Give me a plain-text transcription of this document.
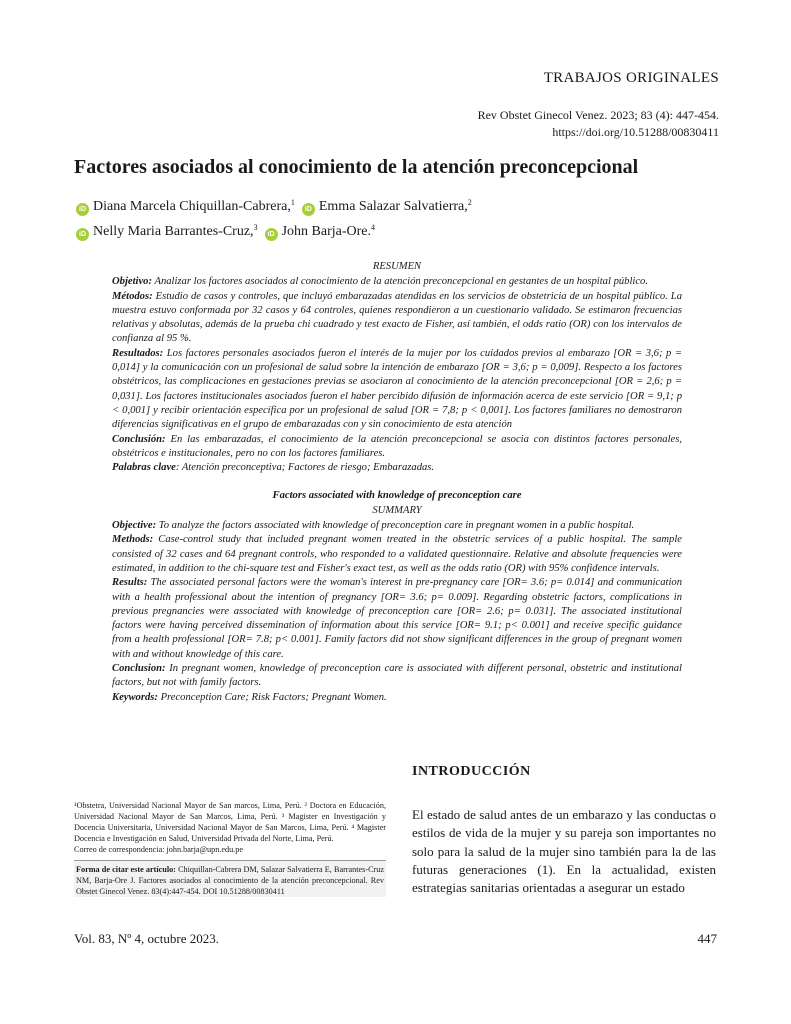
TRABAJOS ORIGINALES
Rev Obstet Ginecol Venez. 2023; 83 (4): 447-454.
https://doi.org/10.51288/00830411
Factores asociados al conocimiento de la atención preconcepcional
iD Diana Marcela Chiquillan-Cabrera,$^1$  iD Emma Salazar Salvatierra,$^2$
iD Nelly Maria Barrantes-Cruz,$^3$  iD John Barja-Ore.$^4$

RESUMEN

Objetivo: Analizar los factores asociados al conocimiento de la atención preconcepcional en gestantes de un hospital público.

Métodos: Estudio de casos y controles, que incluyó embarazadas atendidas en los servicios de obstetricia de un hospital público. La muestra estuvo conformada por 32 casos y 64 controles, quienes respondieron a un cuestionario validado. Se estimaron frecuencias relativas y absolutas, además de la prueba chi cuadrado y test exacto de Fisher, así también, el odds ratio (OR) con los intervalos de confianza al 95 %.

Resultados: Los factores personales asociados fueron el interés de la mujer por los cuidados previos al embarazo [OR = 3,6; p = 0,014] y la comunicación con un profesional de salud sobre la intención de embarazo [OR = 3,6; p = 0,009]. Respecto a los factores obstétricos, las complicaciones en gestaciones previas se asociaron al conocimiento de la atención preconcepcional [OR = 2,6; p = 0,031]. Los factores institucionales asociados fueron el haber percibido difusión de información acerca de este servicio [OR = 9,1; p < 0,001] y recibir orientación específica por un profesional de salud [OR = 7,8; p < 0,001]. Los factores familiares no demostraron diferencias significativas en el grupo de embarazadas con y sin conocimiento de esta atención

Conclusión: En las embarazadas, el conocimiento de la atención preconcepcional se asocia con distintos factores personales, obstétricos e institucionales, pero no con los factores familiares.

Palabras clave: Atención preconceptiva; Factores de riesgo; Embarazadas.

Factors associated with knowledge of preconception care

SUMMARY

Objective: To analyze the factors associated with knowledge of preconception care in pregnant women in a public hospital.

Methods: Case-control study that included pregnant women treated in the obstetric services of a public hospital. The sample consisted of 32 cases and 64 pregnant controls, who responded to a validated questionnaire. Relative and absolute frequencies were estimated, in addition to the chi-square test and Fisher's exact test, as well as the odds ratio (OR) with 95% confidence intervals.

Results: The associated personal factors were the woman's interest in pre-pregnancy care [OR= 3.6; p= 0.014] and communication with a health professional about the intention of pregnancy [OR= 3.6; p= 0.009]. Regarding obstetric factors, complications in previous pregnancies were associated with knowledge of preconception care [OR= 2.6; p= 0.031]. The associated institutional factors were having perceived dissemination of information about this service [OR= 9.1; p< 0.001] and receive specific guidance from a health professional [OR= 7.8; p< 0.001]. Family factors did not show significant differences in the group of pregnant women with and without knowledge of this care.

Conclusion: In pregnant women, knowledge of preconception care is associated with different personal, obstetric and institutional factors, but not with family factors.

Keywords: Preconception Care; Risk Factors; Pregnant Women.

INTRODUCCIÓN

El estado de salud antes de un embarazo y las conductas o estilos de vida de la mujer y su pareja son importantes no solo para la salud de la mujer sino también para la de las futuras generaciones (1). En la actualidad, existen estrategias sanitarias orientadas a asegurar un estado

¹Obstetra, Universidad Nacional Mayor de San marcos, Lima, Perú. ² Doctora en Educación, Universidad Nacional Mayor de San Marcos, Lima, Perú. ³ Magister en Investigación y Docencia Universitaria, Universidad Nacional Mayor de San Marcos, Lima, Perú. ⁴ Magister Docencia e Investigación en Salud, Universidad Privada del Norte, Lima, Perú.

Correo de correspondencia: john.barja@upn.edu.pe

Forma de citar este artículo: Chiquillan-Cabrera DM, Salazar Salvatierra E, Barrantes-Cruz NM, Barja-Ore J. Factores asociados al conocimiento de la atención preconcepcional. Rev Obstet Ginecol Venez. 83(4):447-454. DOI 10.51288/00830411

Vol. 83, Nº 4, octubre 2023.	447
